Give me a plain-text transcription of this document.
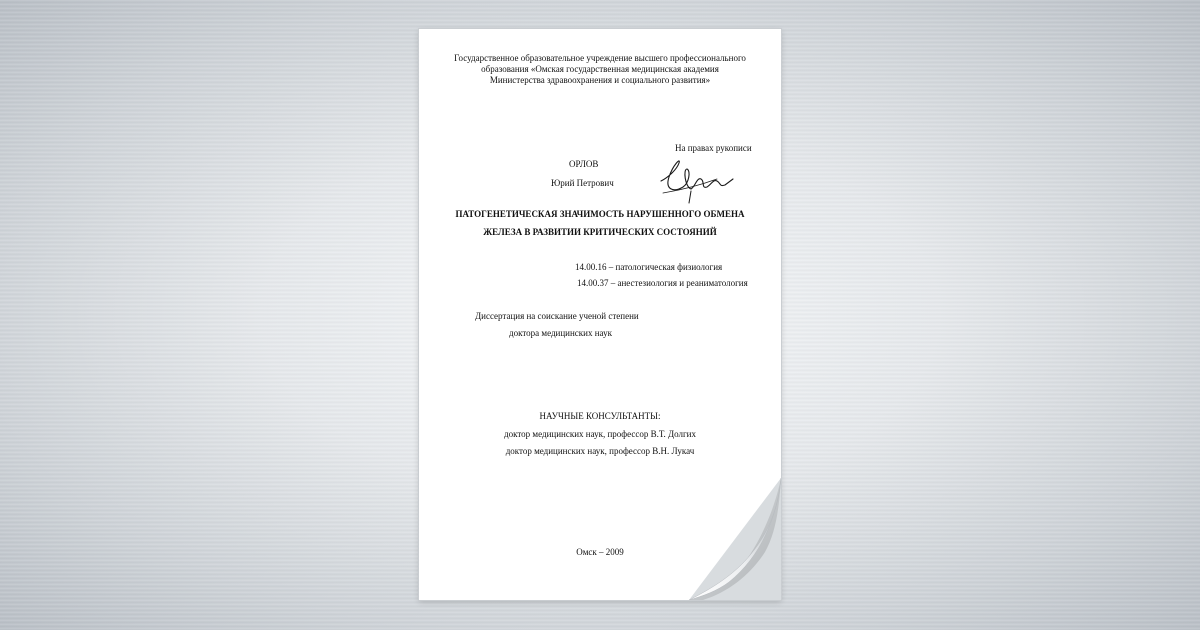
Государственное образовательное учреждение высшего профессионального
образования «Омская государственная медицинская академия
Министерства здравоохранения и социального развития»
На правах рукописи
ОРЛОВ
Юрий Петрович
ПАТОГЕНЕТИЧЕСКАЯ ЗНАЧИМОСТЬ НАРУШЕННОГО ОБМЕНА
ЖЕЛЕЗА В РАЗВИТИИ КРИТИЧЕСКИХ СОСТОЯНИЙ
14.00.16 – патологическая физиология
14.00.37 – анестезиология и реаниматология
Диссертация на соискание ученой степени
доктора медицинских наук
НАУЧНЫЕ КОНСУЛЬТАНТЫ:
доктор медицинских наук, профессор В.Т. Долгих
доктор медицинских наук, профессор В.Н. Лукач
Омск – 2009
